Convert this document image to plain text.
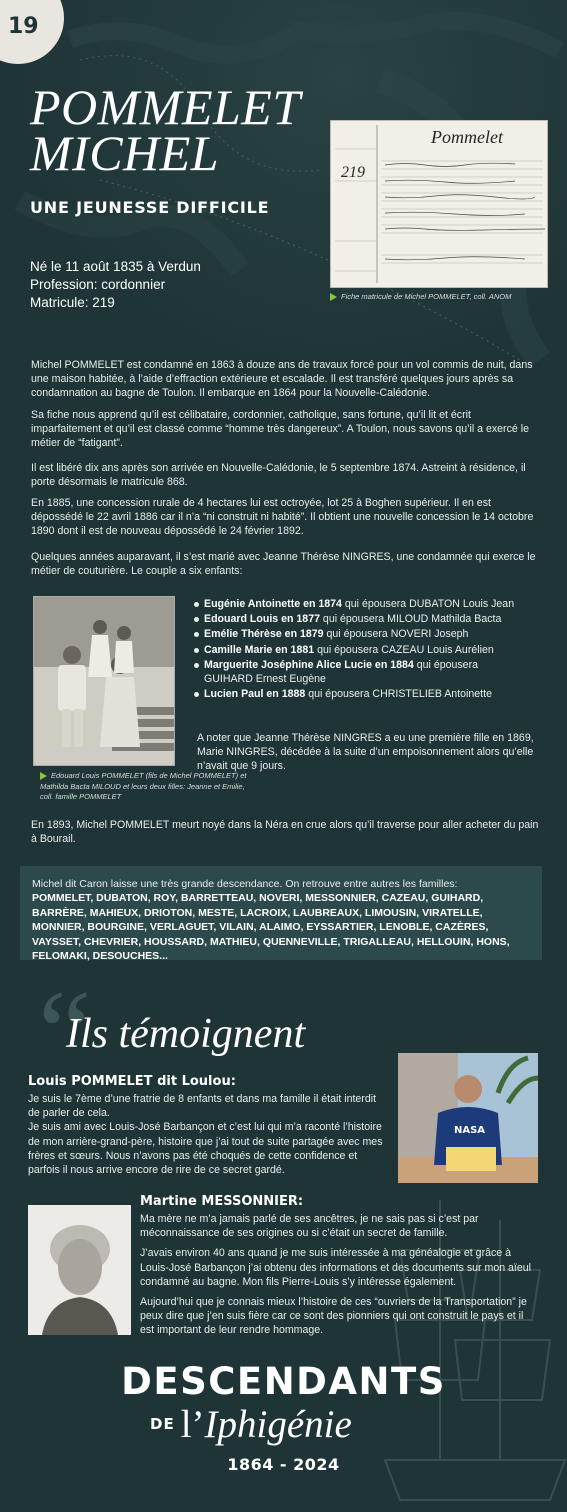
19
POMMELET
MICHEL
UNE JEUNESSE DIFFICILE
Né le 11 août 1835 à Verdun
Profession: cordonnier
Matricule: 219
Pommelet
219
Fiche matricule de Michel POMMELET, coll. ANOM
Michel POMMELET est condamné en 1863 à douze ans de travaux forcé pour un vol commis de nuit, dans une maison habitée, à l’aide d’effraction extérieure et escalade. Il est transféré quelques jours après sa condamnation au bagne de Toulon. Il embarque en 1864 pour la Nouvelle-Calédonie.
Sa fiche nous apprend qu’il est célibataire, cordonnier, catholique, sans fortune, qu’il lit et écrit imparfaitement et qu’il est classé comme “homme très dangereux”. A Toulon, nous savons qu’il a exercé le métier de “fatigant”.
Il est libéré dix ans après son arrivée en Nouvelle-Calédonie, le 5 septembre 1874. Astreint à résidence, il porte désormais le matricule 868.
En 1885, une concession rurale de 4 hectares lui est octroyée, lot 25 à Boghen supérieur. Il en est dépossédé le 22 avril 1886 car il n’a “ni construit ni habité”. Il obtient une nouvelle concession le 14 octobre 1890 dont il est de nouveau dépossédé le 24 février 1892.
Quelques années auparavant, il s’est marié avec Jeanne Thérèse NINGRES, une condamnée qui exerce le métier de couturière. Le couple a six enfants:
Edouard Louis POMMELET (fils de Michel POMMELET) et Mathilda Bacta MILOUD et leurs deux filles: Jeanne et Emilie, coll. famille POMMELET
Eugénie Antoinette en 1874 qui épousera DUBATON Louis Jean
Edouard Louis en 1877 qui épousera MILOUD Mathilda Bacta
Emélie Thérèse en 1879 qui épousera NOVERI Joseph
Camille Marie en 1881 qui épousera CAZEAU Louis Aurélien
Marguerite Joséphine Alice Lucie en 1884 qui épousera GUIHARD Ernest Eugène
Lucien Paul en 1888 qui épousera CHRISTELIEB Antoinette
A noter que Jeanne Thérèse NINGRES a eu une première fille en 1869, Marie NINGRES, décédée à la suite d’un empoisonnement alors qu’elle n’avait que 9 jours.
En 1893, Michel POMMELET meurt noyé dans la Néra en crue alors qu’il traverse pour aller acheter du pain à Bourail.
Michel dit Caron laisse une très grande descendance. On retrouve entre autres les familles:
POMMELET, DUBATON, ROY, BARRETTEAU, NOVERI, MESSONNIER, CAZEAU, GUIHARD, BARRÈRE, MAHIEUX, DRIOTON, MESTE, LACROIX, LAUBREAUX, LIMOUSIN, VIRATELLE, MONNIER, BOURGINE, VERLAGUET, VILAIN, ALAIMO, EYSSARTIER, LENOBLE, CAZÈRES, VAYSSET, CHEVRIER, HOUSSARD, MATHIEU, QUENNEVILLE, TRIGALLEAU, HELLOUIN, HONS, FELOMAKI, DESOUCHES...
“
Ils témoignent
Louis POMMELET dit Loulou:
Je suis le 7ème d’une fratrie de 8 enfants et dans ma famille il était interdit de parler de cela.
Je suis ami avec Louis-José Barbançon et c’est lui qui m’a raconté l’histoire de mon arrière-grand-père, histoire que j’ai tout de suite partagée avec mes frères et sœurs. Nous n’avons pas été choqués de cette confidence et parfois il nous arrive encore de rire de ce secret gardé.
NASA
Martine MESSONNIER:

Ma mère ne m’a jamais parlé de ses ancêtres, je ne sais pas si c’est par méconnaissance de ses origines ou si c’était un secret de famille.

J’avais environ 40 ans quand je me suis intéressée à ma généalogie et grâce à Louis-José Barbançon j’ai obtenu des informations et des documents sur mon aïeul condamné au bagne. Mon fils Pierre-Louis s’y intéresse également.

Aujourd’hui que je connais mieux l’histoire de ces “ouvriers de la Transportation” je peux dire que j’en suis fière car ce sont des pionniers qui ont construit le pays et il est important de leur rendre hommage.

DESCENDANTS
DE l’Iphigénie
1864 - 2024
